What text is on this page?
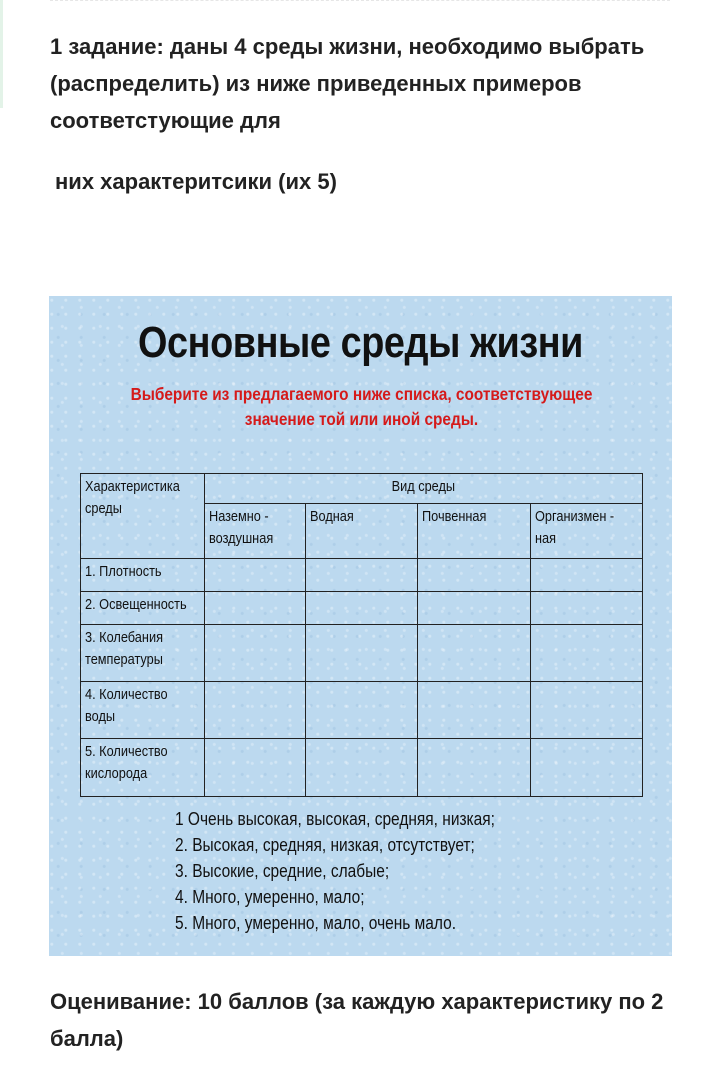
1 задание: даны 4 среды жизни, необходимо выбрать (распределить) из ниже приведенных примеров соответстующие для

них характеритсики (их 5)

Основные среды жизни

Выберите из предлагаемого ниже списка, соответствующее значение той или иной среды.

Характеристика среды	Вид среды			
	Наземно - воздушная	Водная	Почвенная	Организмен - ная
1. Плотность				
2. Освещенность				
3. Колебания температуры				
4. Количество воды				
5. Количество кислорода				
1 Очень высокая, высокая, средняя, низкая;
2. Высокая, средняя, низкая, отсутствует;
3. Высокие, средние, слабые;
4. Много, умеренно, мало;
5. Много, умеренно, мало, очень мало.

Оценивание: 10 баллов (за каждую характеристику по 2 балла)
